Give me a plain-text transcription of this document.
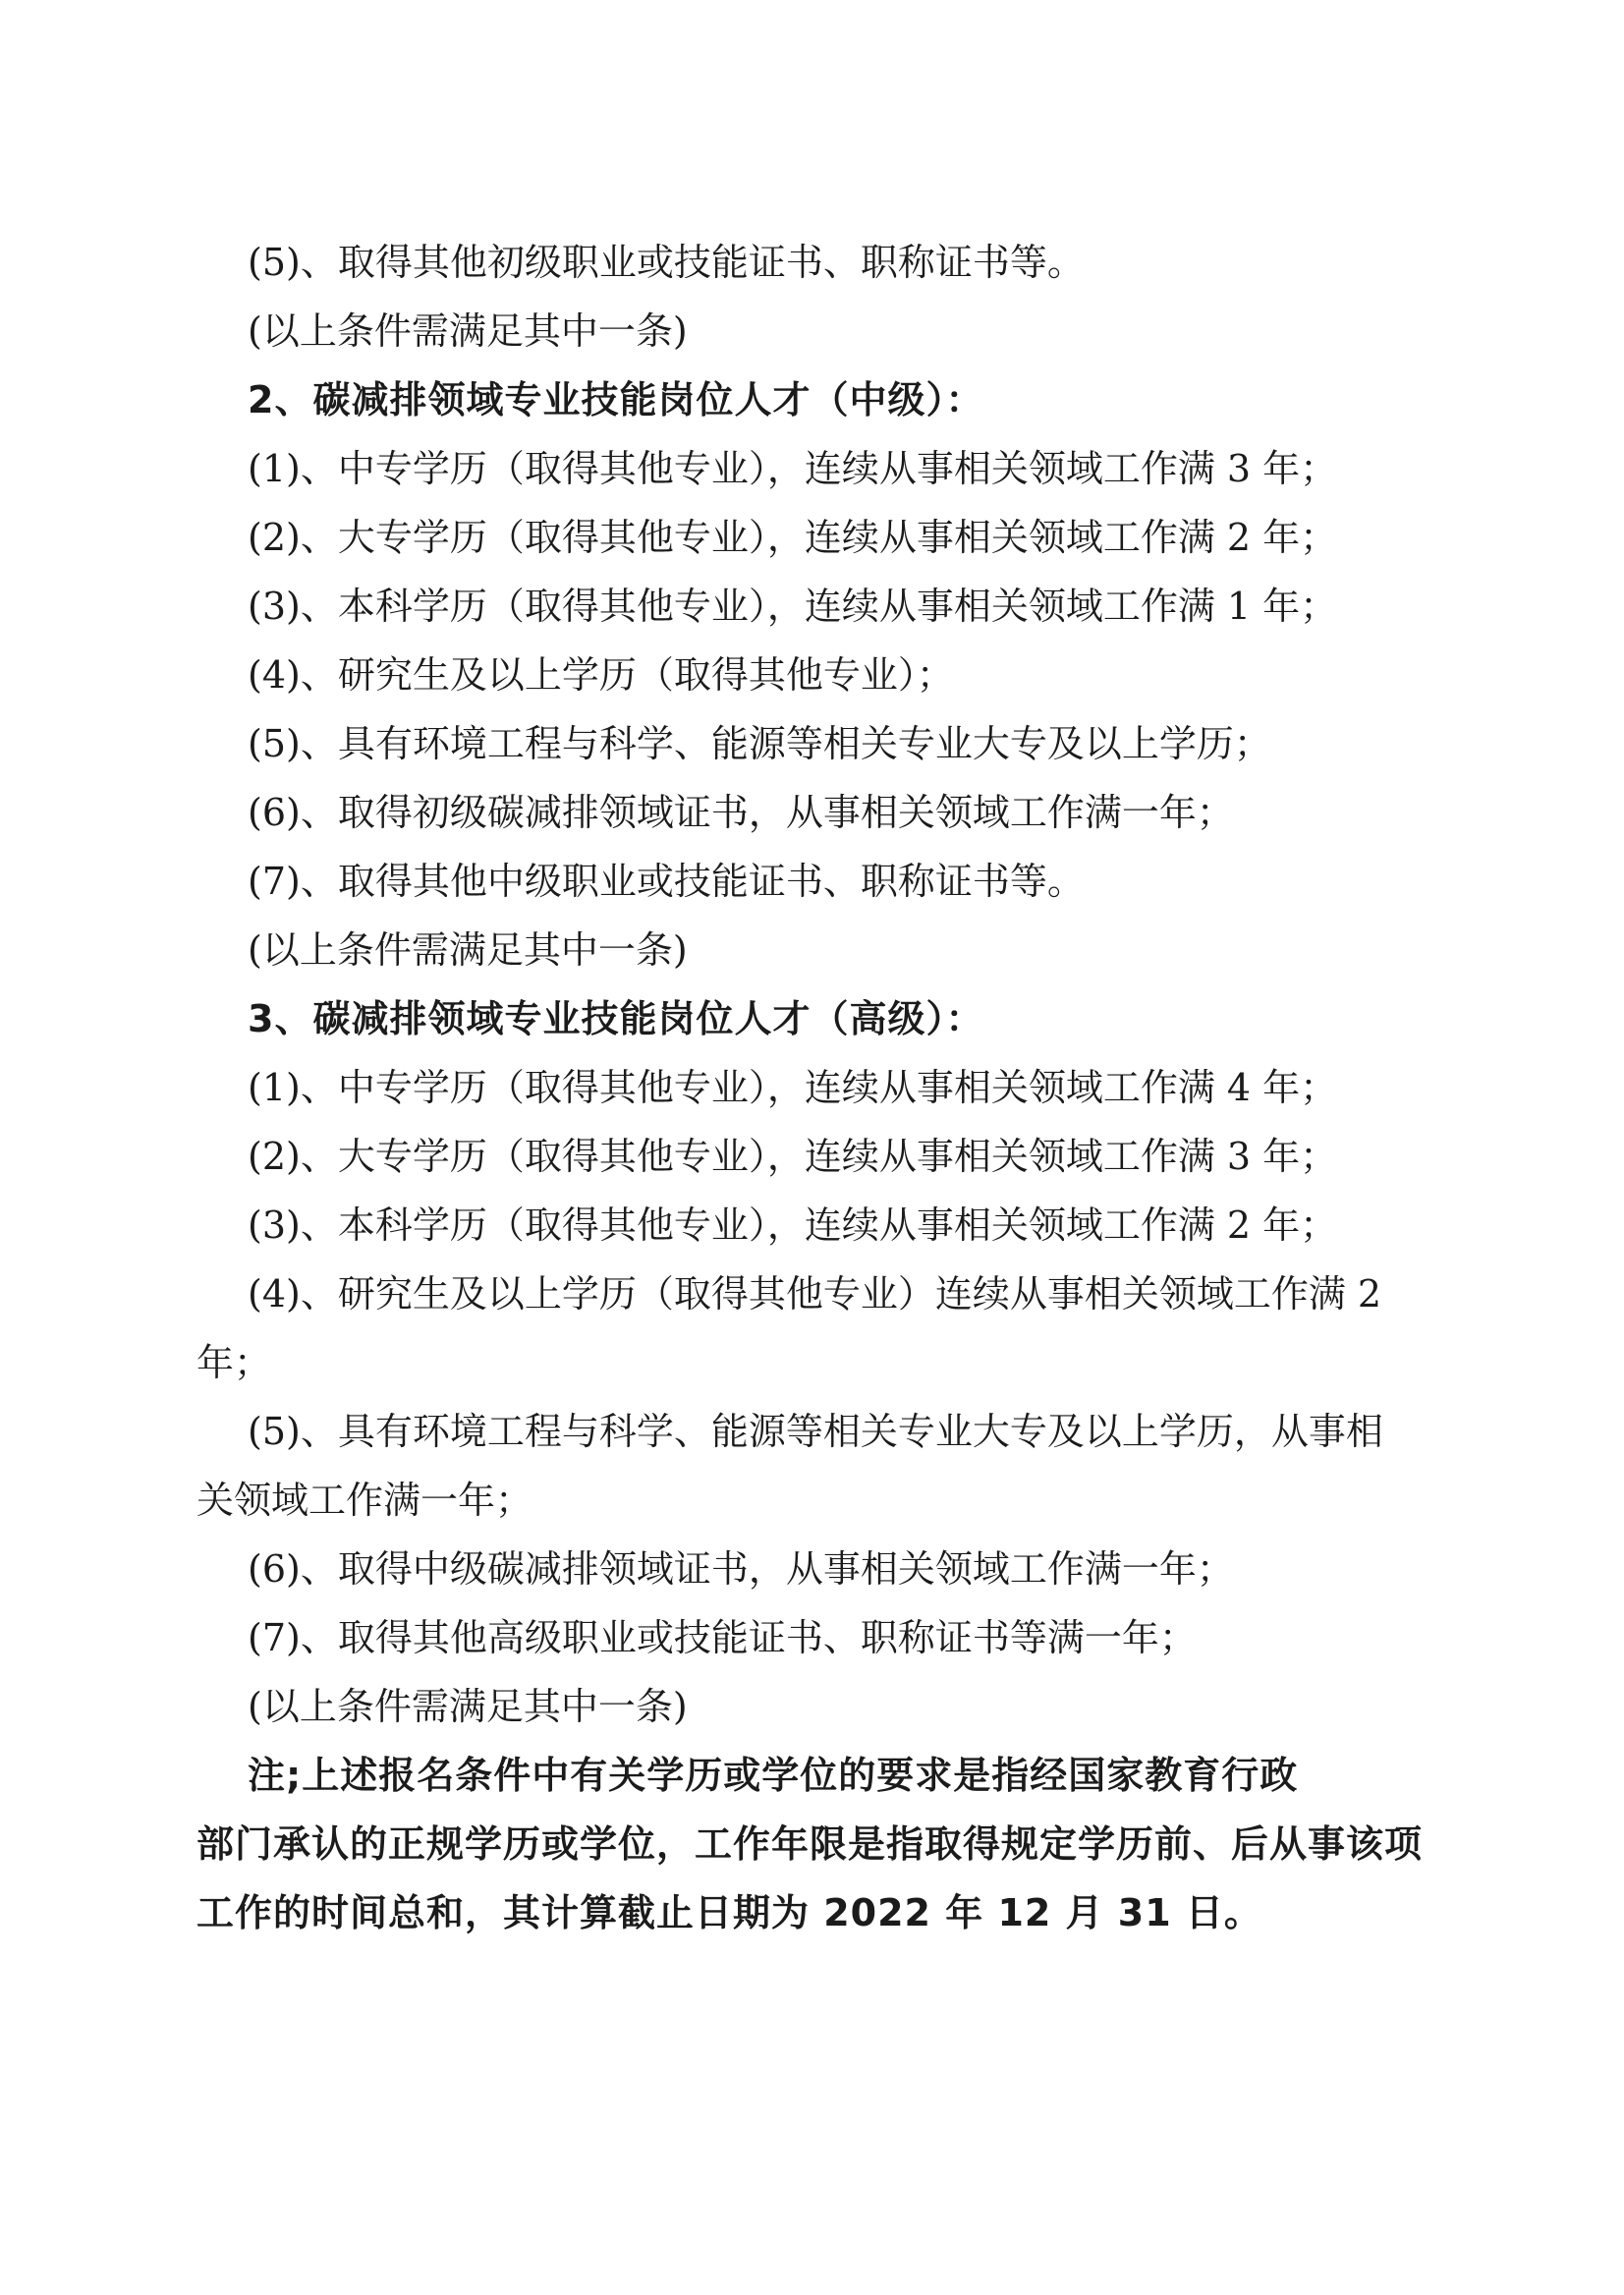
(5)、取得其他初级职业或技能证书、职称证书等。
(以上条件需满足其中一条)
2、碳减排领域专业技能岗位人才（中级）：
(1)、中专学历（取得其他专业），连续从事相关领域工作满 3 年；
(2)、大专学历（取得其他专业），连续从事相关领域工作满 2 年；
(3)、本科学历（取得其他专业），连续从事相关领域工作满 1 年；
(4)、研究生及以上学历（取得其他专业）；
(5)、具有环境工程与科学、能源等相关专业大专及以上学历；
(6)、取得初级碳减排领域证书，从事相关领域工作满一年；
(7)、取得其他中级职业或技能证书、职称证书等。
(以上条件需满足其中一条)
3、碳减排领域专业技能岗位人才（高级）：
(1)、中专学历（取得其他专业），连续从事相关领域工作满 4 年；
(2)、大专学历（取得其他专业），连续从事相关领域工作满 3 年；
(3)、本科学历（取得其他专业），连续从事相关领域工作满 2 年；
(4)、研究生及以上学历（取得其他专业）连续从事相关领域工作满 2
年；
(5)、具有环境工程与科学、能源等相关专业大专及以上学历，从事相
关领域工作满一年；
(6)、取得中级碳减排领域证书，从事相关领域工作满一年；
(7)、取得其他高级职业或技能证书、职称证书等满一年；
(以上条件需满足其中一条)
注;上述报名条件中有关学历或学位的要求是指经国家教育行政
部门承认的正规学历或学位，工作年限是指取得规定学历前、后从事该项
工作的时间总和，其计算截止日期为 2022 年 12 月 31 日。
